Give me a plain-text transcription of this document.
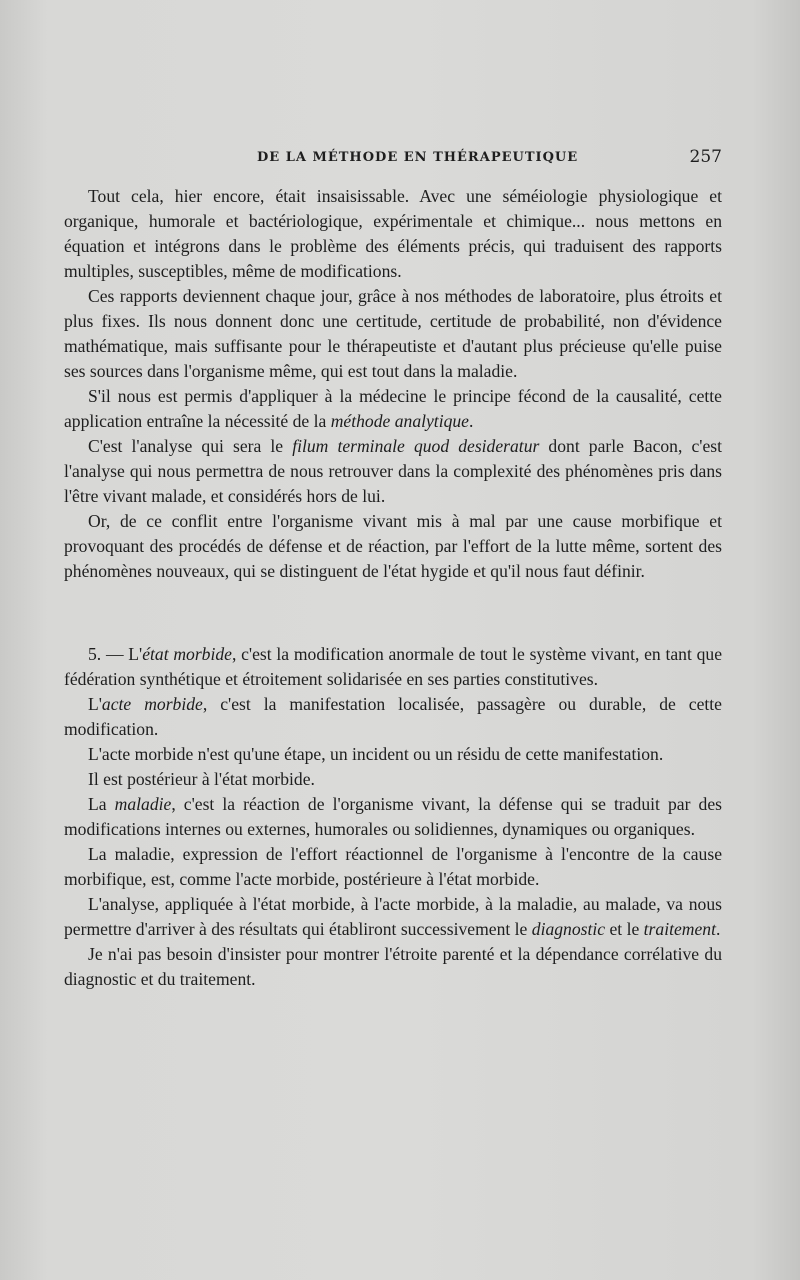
DE LA MÉTHODE EN THÉRAPEUTIQUE	257

Tout cela, hier encore, était insaisissable. Avec une séméiologie physiologique et organique, humorale et bactériologique, expérimentale et chimique... nous mettons en équation et intégrons dans le problème des éléments précis, qui traduisent des rapports multiples, susceptibles, même de modifications.

Ces rapports deviennent chaque jour, grâce à nos méthodes de laboratoire, plus étroits et plus fixes. Ils nous donnent donc une certitude, certitude de probabilité, non d'évidence mathématique, mais suffisante pour le thérapeutiste et d'autant plus précieuse qu'elle puise ses sources dans l'organisme même, qui est tout dans la maladie.

S'il nous est permis d'appliquer à la médecine le principe fécond de la causalité, cette application entraîne la nécessité de la méthode analytique.

C'est l'analyse qui sera le filum terminale quod desideratur dont parle Bacon, c'est l'analyse qui nous permettra de nous retrouver dans la complexité des phénomènes pris dans l'être vivant malade, et considérés hors de lui.

Or, de ce conflit entre l'organisme vivant mis à mal par une cause morbifique et provoquant des procédés de défense et de réaction, par l'effort de la lutte même, sortent des phénomènes nouveaux, qui se distinguent de l'état hygide et qu'il nous faut définir.

5. — L'état morbide, c'est la modification anormale de tout le système vivant, en tant que fédération synthétique et étroitement solidarisée en ses parties constitutives.

L'acte morbide, c'est la manifestation localisée, passagère ou durable, de cette modification.

L'acte morbide n'est qu'une étape, un incident ou un résidu de cette manifestation.

Il est postérieur à l'état morbide.

La maladie, c'est la réaction de l'organisme vivant, la défense qui se traduit par des modifications internes ou externes, humorales ou solidiennes, dynamiques ou organiques.

La maladie, expression de l'effort réactionnel de l'organisme à l'encontre de la cause morbifique, est, comme l'acte morbide, postérieure à l'état morbide.

L'analyse, appliquée à l'état morbide, à l'acte morbide, à la maladie, au malade, va nous permettre d'arriver à des résultats qui établiront successivement le diagnostic et le traitement.

Je n'ai pas besoin d'insister pour montrer l'étroite parenté et la dépendance corrélative du diagnostic et du traitement.
